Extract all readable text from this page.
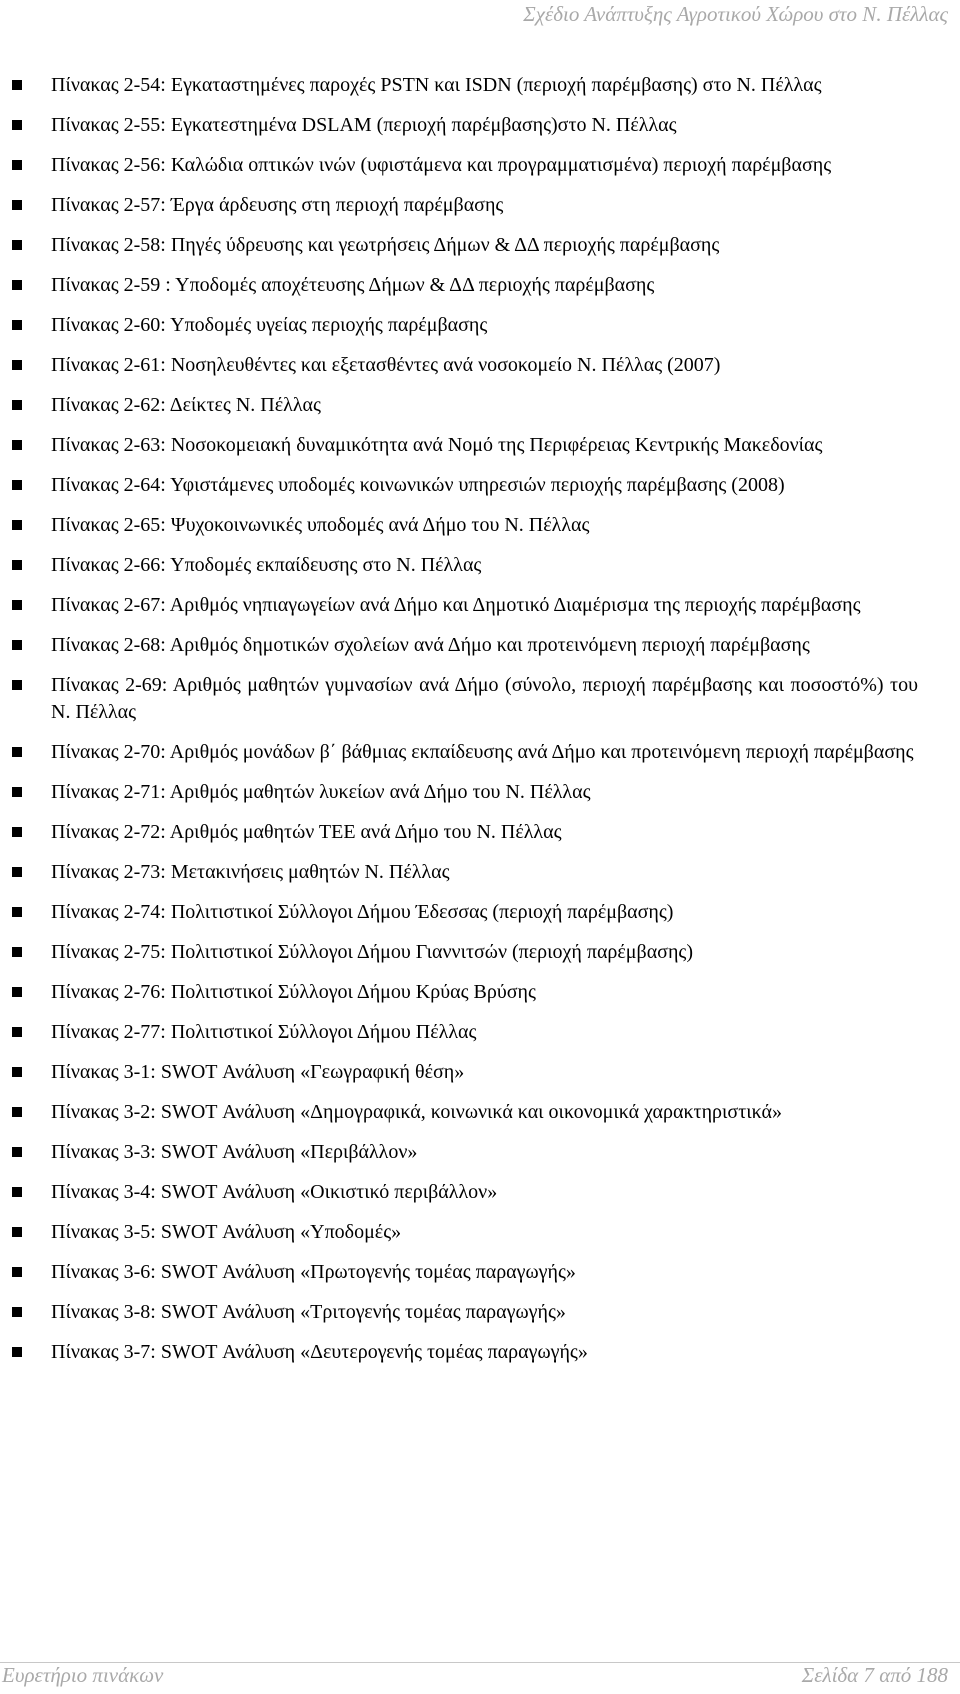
Σχέδιο Ανάπτυξης Αγροτικού Χώρου στο Ν. Πέλλας
Πίνακας 2-54: Εγκαταστημένες παροχές PSTN και ISDN (περιοχή παρέμβασης) στο Ν. Πέλλας
Πίνακας 2-55: Εγκατεστημένα DSLAM (περιοχή παρέμβασης)στο Ν. Πέλλας
Πίνακας 2-56: Καλώδια οπτικών ινών (υφιστάμενα και προγραμματισμένα) περιοχή παρέμβασης
Πίνακας 2-57: Έργα άρδευσης στη περιοχή παρέμβασης
Πίνακας 2-58: Πηγές ύδρευσης και γεωτρήσεις Δήμων & ΔΔ περιοχής παρέμβασης
Πίνακας 2-59 : Υποδομές αποχέτευσης Δήμων & ΔΔ περιοχής παρέμβασης
Πίνακας 2-60: Υποδομές υγείας περιοχής παρέμβασης
Πίνακας 2-61: Νοσηλευθέντες και εξετασθέντες ανά νοσοκομείο Ν. Πέλλας (2007)
Πίνακας 2-62: Δείκτες Ν. Πέλλας
Πίνακας 2-63: Νοσοκομειακή δυναμικότητα ανά Νομό της Περιφέρειας Κεντρικής Μακεδονίας
Πίνακας 2-64: Υφιστάμενες υποδομές κοινωνικών υπηρεσιών περιοχής παρέμβασης (2008)
Πίνακας 2-65: Ψυχοκοινωνικές υποδομές ανά Δήμο του Ν. Πέλλας
Πίνακας 2-66: Υποδομές εκπαίδευσης στο Ν. Πέλλας
Πίνακας 2-67: Αριθμός νηπιαγωγείων ανά Δήμο και Δημοτικό Διαμέρισμα της περιοχής παρέμβασης
Πίνακας 2-68: Αριθμός δημοτικών σχολείων ανά Δήμο και προτεινόμενη περιοχή παρέμβασης
Πίνακας 2-69: Αριθμός μαθητών γυμνασίων ανά Δήμο (σύνολο, περιοχή παρέμβασης και ποσοστό%) του Ν. Πέλλας
Πίνακας 2-70: Αριθμός μονάδων β΄ βάθμιας εκπαίδευσης ανά Δήμο και προτεινόμενη περιοχή παρέμβασης
Πίνακας 2-71: Αριθμός μαθητών λυκείων ανά Δήμο του Ν. Πέλλας
Πίνακας 2-72: Αριθμός μαθητών ΤΕΕ ανά Δήμο του Ν. Πέλλας
Πίνακας 2-73: Μετακινήσεις μαθητών Ν. Πέλλας
Πίνακας 2-74: Πολιτιστικοί Σύλλογοι Δήμου Έδεσσας (περιοχή παρέμβασης)
Πίνακας 2-75: Πολιτιστικοί Σύλλογοι Δήμου Γιαννιτσών (περιοχή παρέμβασης)
Πίνακας 2-76: Πολιτιστικοί Σύλλογοι Δήμου Κρύας Βρύσης
Πίνακας 2-77: Πολιτιστικοί Σύλλογοι Δήμου Πέλλας
Πίνακας 3-1: SWOT Ανάλυση «Γεωγραφική θέση»
Πίνακας 3-2: SWOT Ανάλυση «Δημογραφικά, κοινωνικά και οικονομικά χαρακτηριστικά»
Πίνακας 3-3: SWOT Ανάλυση «Περιβάλλον»
Πίνακας 3-4: SWOT Ανάλυση «Οικιστικό περιβάλλον»
Πίνακας 3-5: SWOT Ανάλυση «Υποδομές»
Πίνακας 3-6: SWOT Ανάλυση «Πρωτογενής τομέας παραγωγής»
Πίνακας 3-8: SWOT Ανάλυση «Τριτογενής τομέας παραγωγής»
Πίνακας 3-7: SWOT Ανάλυση «Δευτερογενής τομέας παραγωγής»
Ευρετήριο πινάκων	Σελίδα 7 από 188
